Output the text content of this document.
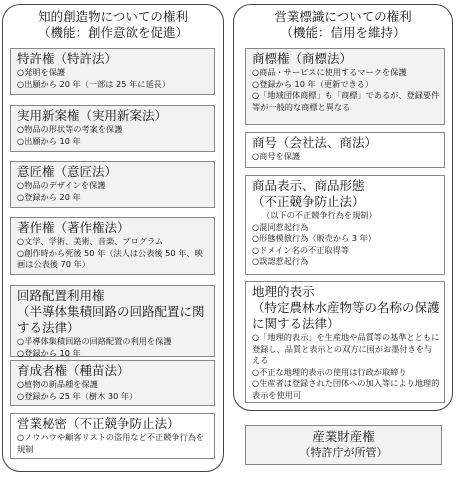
知的創造物についての権利
（機能：創作意欲を促進）
特許権（特許法）
○発明を保護
○出願から 20 年（一部は 25 年に延長）
実用新案権（実用新案法）
○物品の形状等の考案を保護
○出願から 10 年
意匠権（意匠法）
○物品のデザインを保護
○登録から 20 年
著作権（著作権法）
○文学、学術、美術、音楽、プログラム
○創作時から死後 50 年（法人は公表後 50 年、映画は公表後 70 年）
回路配置利用権
（半導体集積回路の回路配置に関する法律）
○半導体集積回路の回路配置の利用を保護
○登録から 10 年
育成者権（種苗法）
○植物の新品種を保護
○登録から 25 年（樹木 30 年）
営業秘密（不正競争防止法）
○ノウハウや顧客リストの盗用など不正競争行為を規制
営業標識についての権利
（機能：信用を維持）
商標権（商標法）
○商品・サービスに使用するマークを保護
○登録から 10 年（更新できる）
○「地域団体商標」も「商標」であるが、登録要件等が一般的な商標と異なる
商号（会社法、商法）
○商号を保護
商品表示、商品形態
（不正競争防止法）
（以下の不正競争行為を規制）
○混同惹起行為
○形態模倣行為（販売から 3 年）
○ドメイン名の不正取得等
○誤認惹起行為
地理的表示
（特定農林水産物等の名称の保護に関する法律）
○「地理的表示」を生産地や品質等の基準とともに登録し、品質と表示との双方に国がお墨付きを与える
○不正な地理的表示の使用は行政が取締り
○生産者は登録された団体への加入等により地理的表示を使用可
産業財産権
（特許庁が所管）
